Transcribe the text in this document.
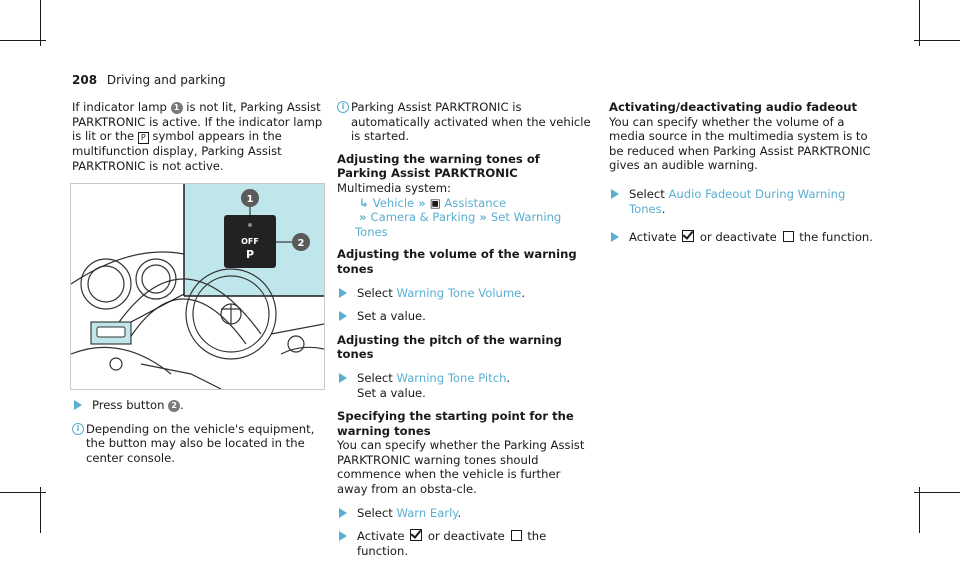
208 Driving and parking

If indicator lamp 1 is not lit, Parking Assist PARKTRONIC is active. If the indicator lamp is lit or the P symbol appears in the multifunction display, Parking Assist PARKTRONIC is not active.

OFF
P
1
2
Press button 2 .
i Depending on the vehicle's equipment, the button may also be located in the center console.
i Parking Assist PARKTRONIC is automatically activated when the vehicle is started.
Adjusting the warning tones of Parking Assist PARKTRONIC
Multimedia system:
↳ Vehicle » ▣ Assistance
» Camera & Parking » Set Warning Tones
Adjusting the volume of the warning tones
Select Warning Tone Volume.
Set a value.
Adjusting the pitch of the warning tones
Select Warning Tone Pitch.
Set a value.
Specifying the starting point for the warning tones
You can specify whether the Parking Assist PARKTRONIC warning tones should commence when the vehicle is further away from an obsta-cle.
Select Warn Early.
Activate or deactivate the function.
Activating/deactivating audio fadeout
You can specify whether the volume of a media source in the multimedia system is to be reduced when Parking Assist PARKTRONIC gives an audible warning.
Select Audio Fadeout During Warning Tones.
Activate or deactivate the function.
